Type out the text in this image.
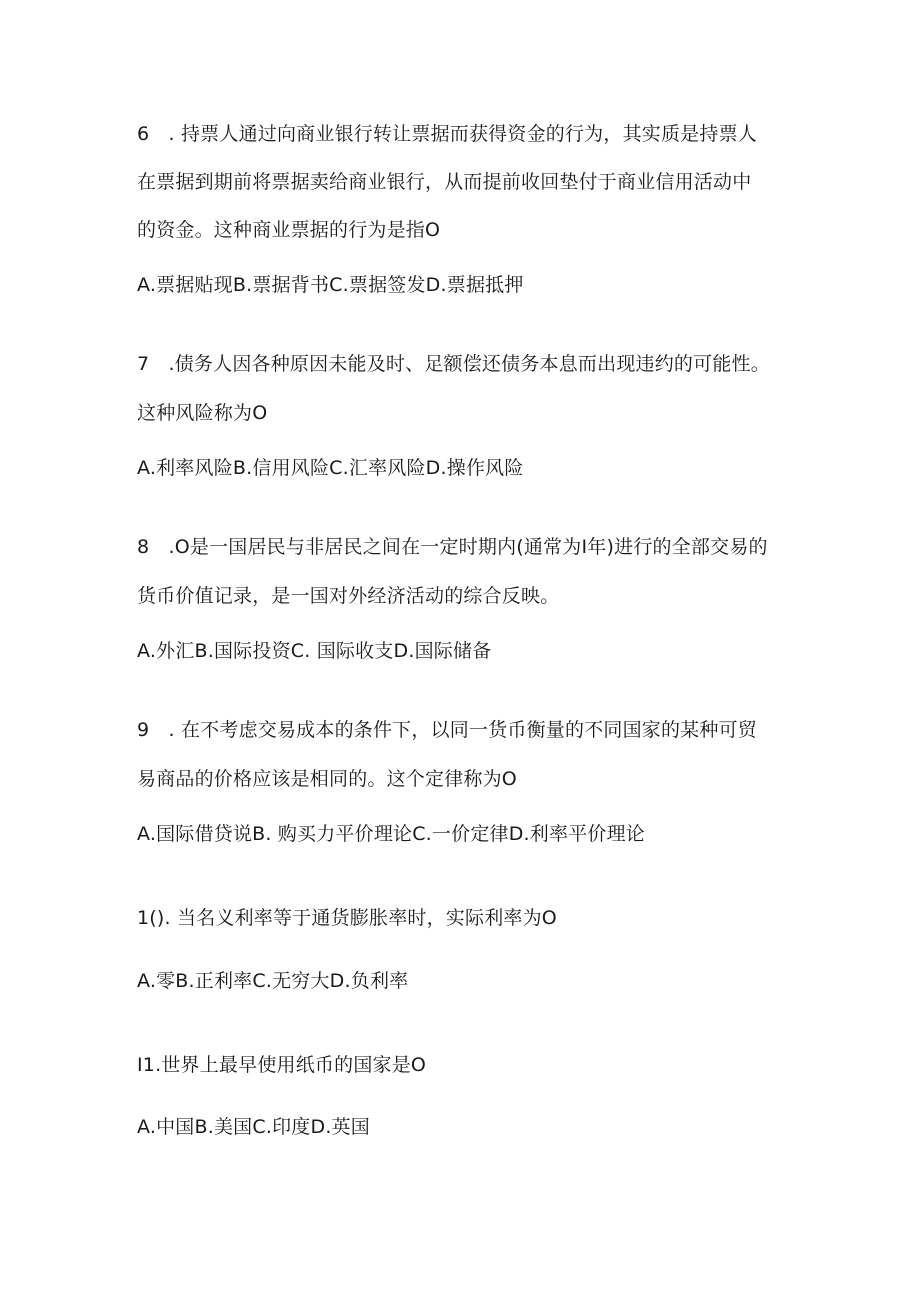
6　. 持票人通过向商业银行转让票据而获得资金的行为，其实质是持票人
在票据到期前将票据卖给商业银行，从而提前收回垫付于商业信用活动中
的资金。这种商业票据的行为是指O
A.票据贴现B.票据背书C.票据签发D.票据抵押
7　.债务人因各种原因未能及时、足额偿还债务本息而出现违约的可能性。
这种风险称为O
A.利率风险B.信用风险C.汇率风险D.操作风险
8　.O是一国居民与非居民之间在一定时期内(通常为I年)进行的全部交易的
货币价值记录，是一国对外经济活动的综合反映。
A.外汇B.国际投资C. 国际收支D.国际储备
9　. 在不考虑交易成本的条件下，以同一货币衡量的不同国家的某种可贸
易商品的价格应该是相同的。这个定律称为O
A.国际借贷说B. 购买力平价理论C.一价定律D.利率平价理论
1(). 当名义利率等于通货膨胀率时，实际利率为O
A.零B.正利率C.无穷大D.负利率
I1.世界上最早使用纸币的国家是O
A.中国B.美国C.印度D.英国
